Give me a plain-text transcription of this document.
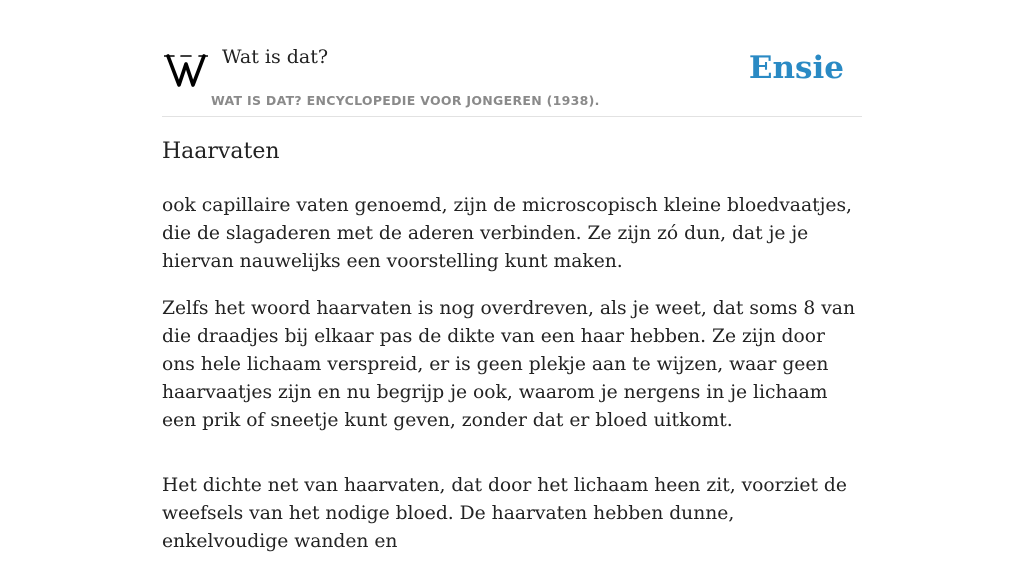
Wat is dat?
WAT IS DAT? ENCYCLOPEDIE VOOR JONGEREN (1938).
Ensie
Haarvaten

ook capillaire vaten genoemd, zijn de microscopisch kleine bloedvaatjes, die de slagaderen met de aderen verbinden. Ze zijn zó dun, dat je je hiervan nauwelijks een voorstelling kunt maken.

Zelfs het woord haarvaten is nog overdreven, als je weet, dat soms 8 van die draadjes bij elkaar pas de dikte van een haar hebben. Ze zijn door ons hele lichaam verspreid, er is geen plekje aan te wijzen, waar geen haarvaatjes zijn en nu begrijp je ook, waarom je nergens in je lichaam een prik of sneetje kunt geven, zonder dat er bloed uitkomt.

Het dichte net van haarvaten, dat door het lichaam heen zit, voorziet de weefsels van het nodige bloed. De haarvaten hebben dunne, enkelvoudige wanden en
